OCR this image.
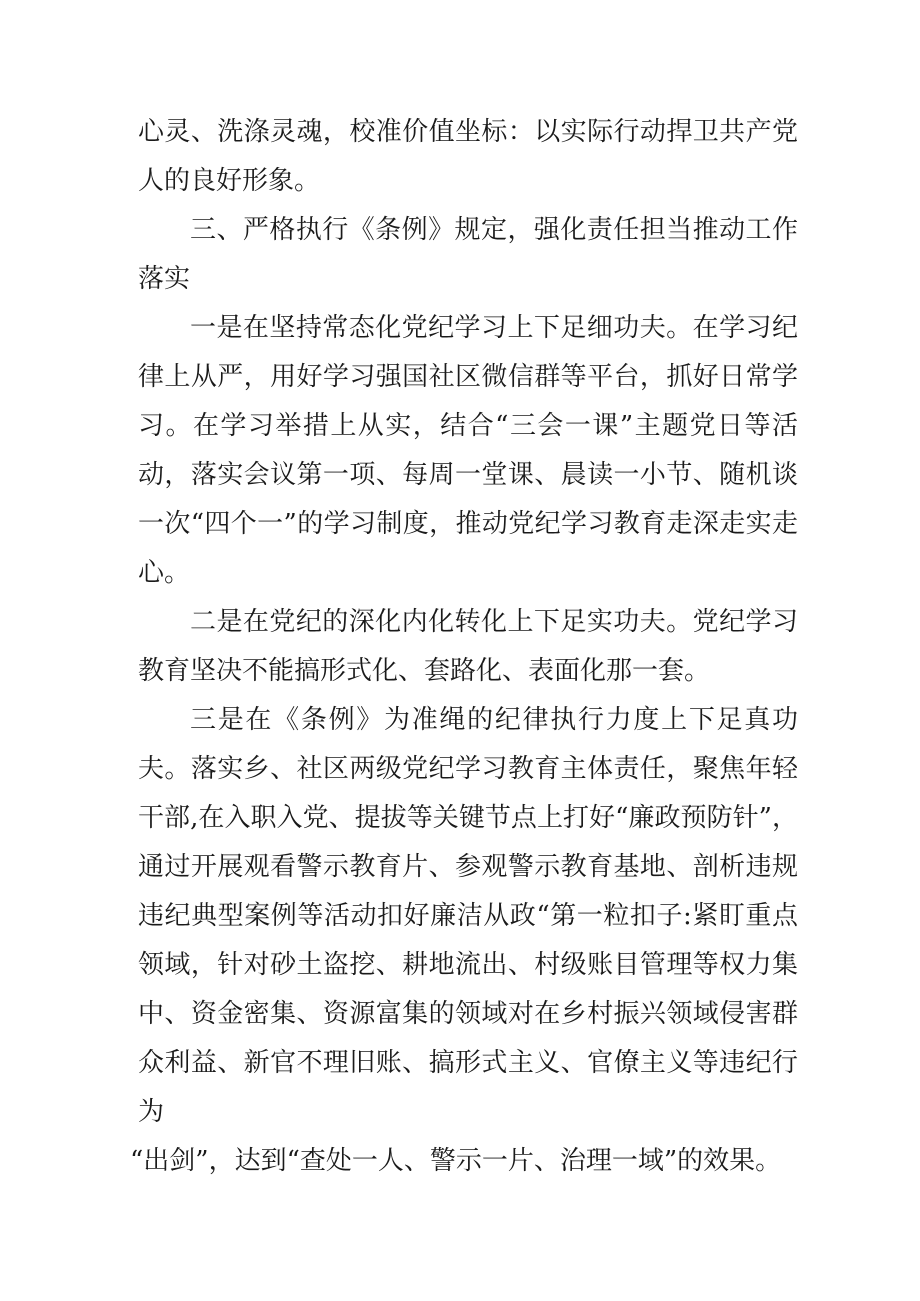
心灵、洗涤灵魂，校准价值坐标：以实际行动捍卫共产党人的良好形象。

三、严格执行《条例》规定，强化责任担当推动工作落实

一是在坚持常态化党纪学习上下足细功夫。在学习纪律上从严，用好学习强国社区微信群等平台，抓好日常学习。在学习举措上从实，结合“三会一课”主题党日等活动，落实会议第一项、每周一堂课、晨读一小节、随机谈一次“四个一”的学习制度，推动党纪学习教育走深走实走心。

二是在党纪的深化内化转化上下足实功夫。党纪学习教育坚决不能搞形式化、套路化、表面化那一套。

三是在《条例》为准绳的纪律执行力度上下足真功夫。落实乡、社区两级党纪学习教育主体责任，聚焦年轻干部,在入职入党、提拔等关键节点上打好“廉政预防针”，通过开展观看警示教育片、参观警示教育基地、剖析违规违纪典型案例等活动扣好廉洁从政“第一粒扣子:紧盯重点领域，针对砂土盗挖、耕地流出、村级账目管理等权力集中、资金密集、资源富集的领域对在乡村振兴领域侵害群众利益、新官不理旧账、搞形式主义、官僚主义等违纪行为

“出剑”，达到“查处一人、警示一片、治理一域”的效果。
